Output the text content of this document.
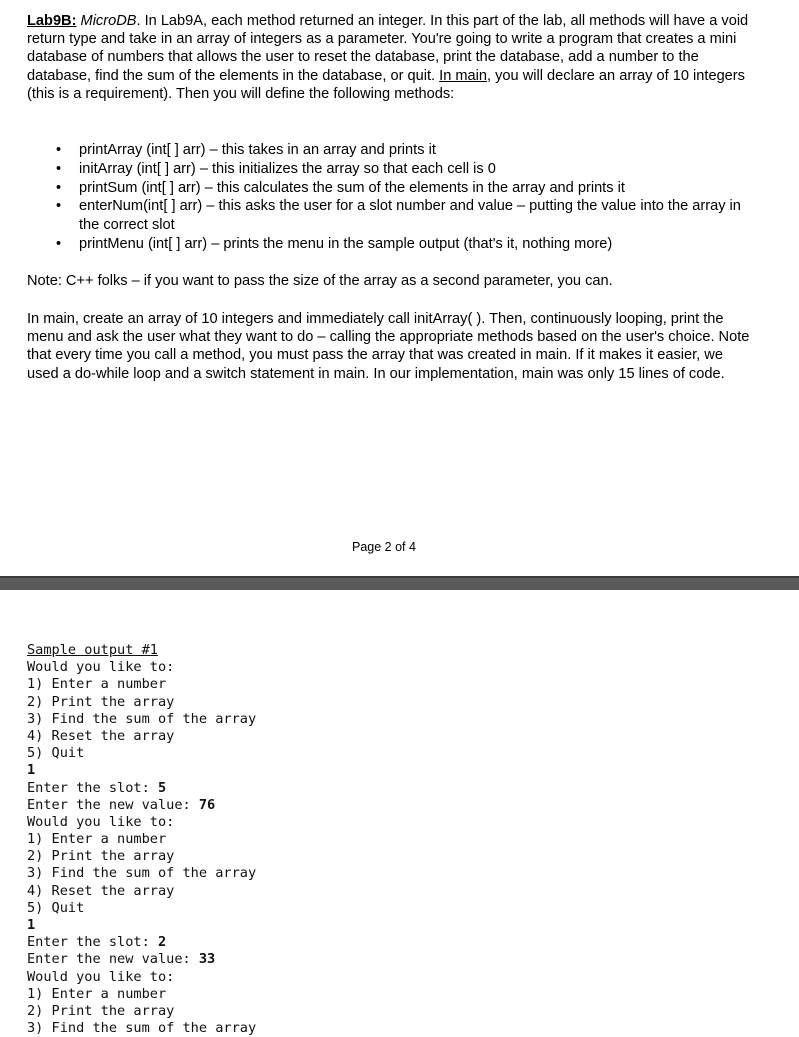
Lab9B: MicroDB. In Lab9A, each method returned an integer. In this part of the lab, all methods will have a void return type and take in an array of integers as a parameter. You're going to write a program that creates a mini database of numbers that allows the user to reset the database, print the database, add a number to the database, find the sum of the elements in the database, or quit. In main, you will declare an array of 10 integers (this is a requirement). Then you will define the following methods:

• printArray (int[ ] arr) – this takes in an array and prints it
• initArray (int[ ] arr) – this initializes the array so that each cell is 0
• printSum (int[ ] arr) – this calculates the sum of the elements in the array and prints it
• enterNum(int[ ] arr) – this asks the user for a slot number and value – putting the value into the array in the correct slot
• printMenu (int[ ] arr) – prints the menu in the sample output (that's it, nothing more)
Note: C++ folks – if you want to pass the size of the array as a second parameter, you can.
In main, create an array of 10 integers and immediately call initArray( ). Then, continuously looping, print the menu and ask the user what they want to do – calling the appropriate methods based on the user's choice. Note that every time you call a method, you must pass the array that was created in main. If it makes it easier, we used a do-while loop and a switch statement in main. In our implementation, main was only 15 lines of code.
Page 2 of 4
Sample output #1
Would you like to:
1) Enter a number
2) Print the array
3) Find the sum of the array
4) Reset the array
5) Quit
1
Enter the slot: 5
Enter the new value: 76
Would you like to:
1) Enter a number
2) Print the array
3) Find the sum of the array
4) Reset the array
5) Quit
1
Enter the slot: 2
Enter the new value: 33
Would you like to:
1) Enter a number
2) Print the array
3) Find the sum of the array
